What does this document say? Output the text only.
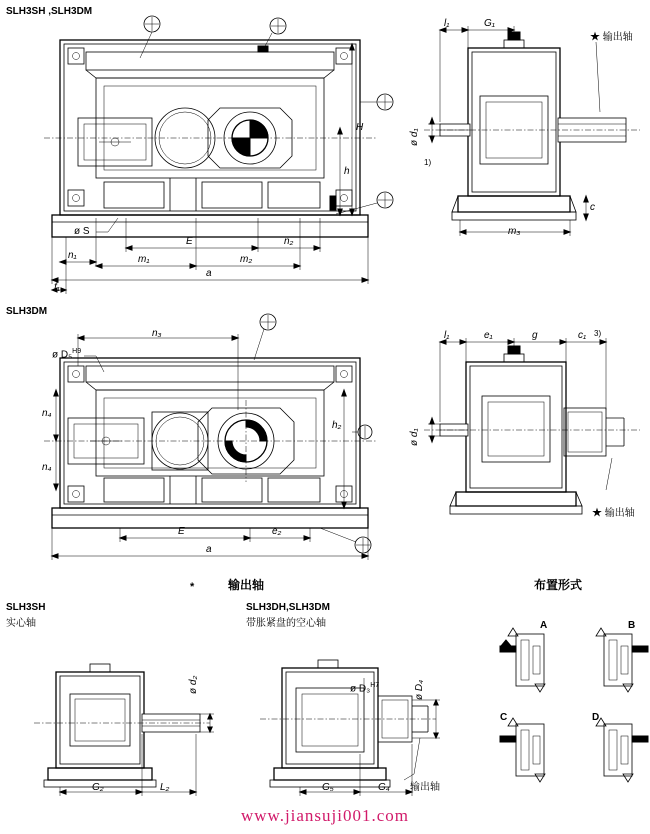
SLH3SH ,SLH3DM
H
h
ø S
E	n₂
n₁	m₁	m₂
a
f₁
l₁	G₁
ø d₁
1)
m₃
c
★ 输出轴
SLH3DM
n₃
ø D₅$^{H9}$
n₄
n₄
h₂
E	e₂
a
l₁	e₁	g	c₁ 3)
ø d₁
★ 输出轴
*	输出轴	布置形式
SLH3SH
实心轴
SLH3DH,SLH3DM
带胀紧盘的空心轴
ø d₂
G₂	L₂
ø D₃$^{H7}$	ø D₄
G₅	G₄ 输出轴
A	B
C	D
www.jiansuji001.com
